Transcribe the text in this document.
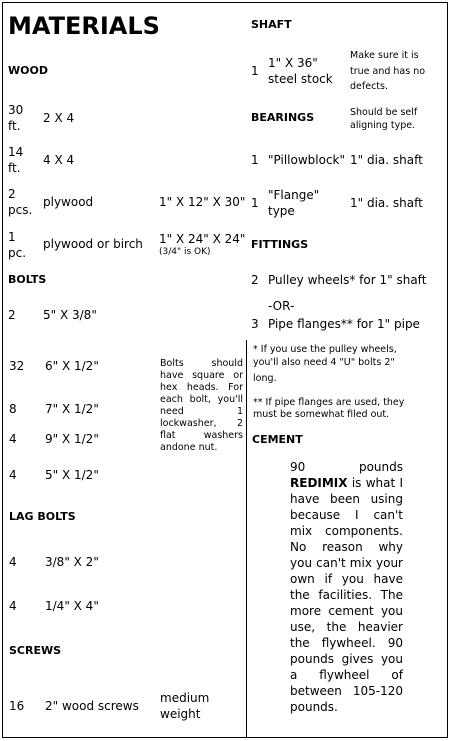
MATERIALS
WOOD
30
ft.
2 X 4
14
ft.
4 X 4
2
pcs.
plywood	1" X 12" X 30"
1
pc.
plywood or birch 1" X 24" X 24"
(3/4" is OK)
BOLTS
2 5" X 3/8"
32 6" X 1/2"
8 7" X 1/2"
4 9" X 1/2"
4 5" X 1/2"
Bolts should have square or hex heads. For each bolt, you'll need 1 lockwasher, 2 flat washers andone nut.
LAG BOLTS
4 3/8" X 2"
4 1/4" X 4"
SCREWS
16 2" wood screws
medium
weight
SHAFT
1
1" X 36"
steel stock
Make sure it is
true and has no
defects.
BEARINGS	Should be self
aligning type.
1 "Pillowblock" 1" dia. shaft
1
"Flange"
type
1" dia. shaft
FITTINGS
2 Pulley wheels* for 1" shaft
-OR-
3 Pipe flanges** for 1" pipe
* If you use the pulley wheels,
you'll also need 4 "U" bolts 2"
long.
** If pipe flanges are used, they
must be somewhat filed out.
CEMENT
90 pounds REDIMIX is what I have been using because I can't mix components. No reason why you can't mix your own if you have the facilities. The more cement you use, the heavier the flywheel. 90 pounds gives you a flywheel of between 105-120 pounds.
